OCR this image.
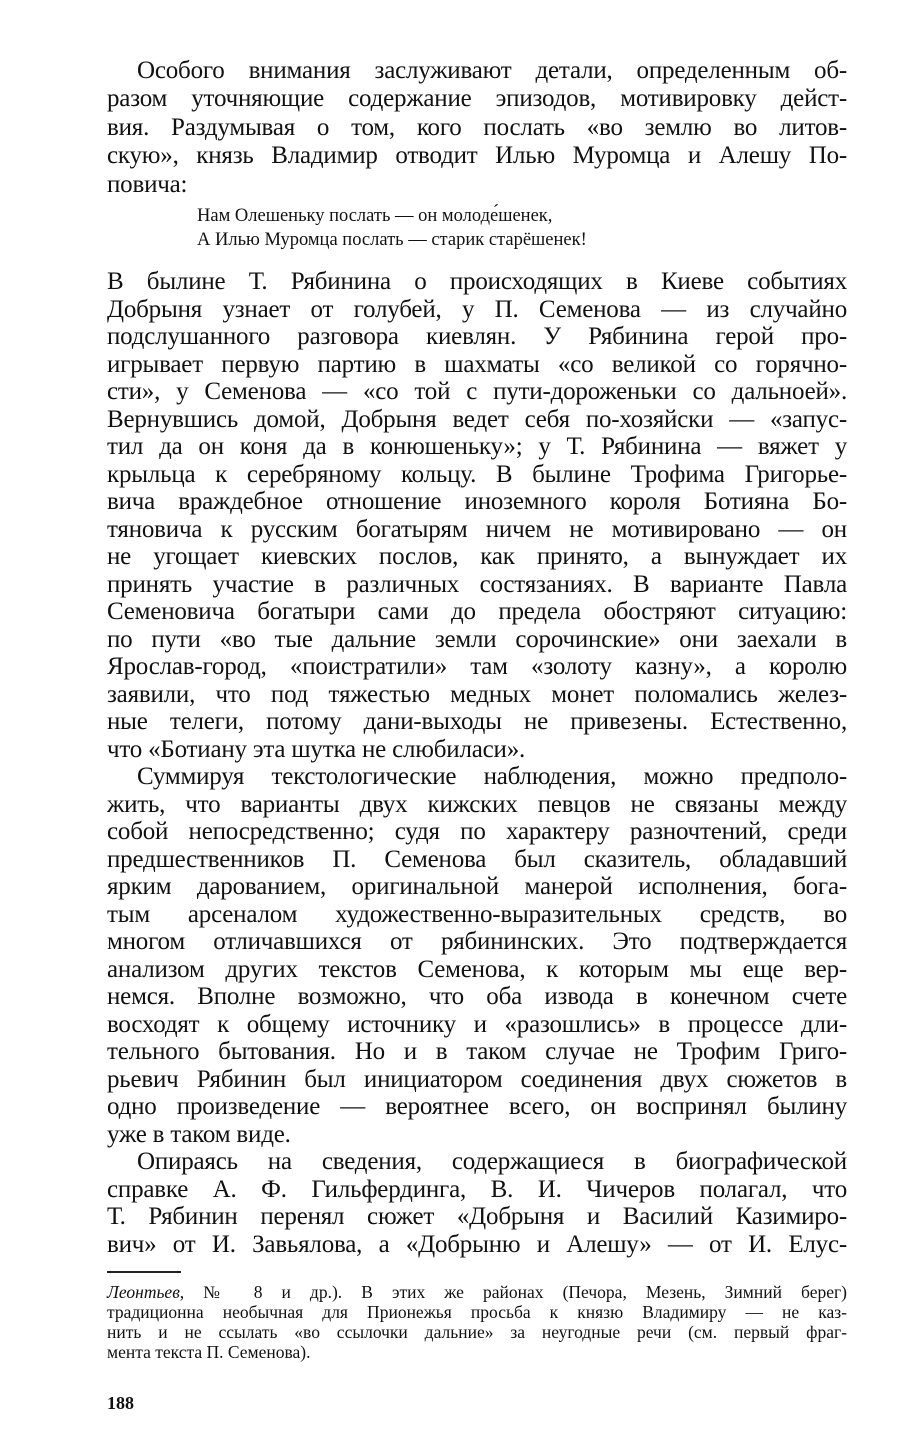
Особого внимания заслуживают детали, определенным об-
разом уточняющие содержание эпизодов, мотивировку дейст-
вия. Раздумывая о том, кого послать «во землю во литов-
скую», князь Владимир отводит Илью Муромца и Алешу По-
повича:
Нам Олешеньку послать — он молоде́шенек,
А Илью Муромца послать — старик старёшенек!
В былине Т. Рябинина о происходящих в Киеве событиях
Добрыня узнает от голубей, у П. Семенова — из случайно
подслушанного разговора киевлян. У Рябинина герой про-
игрывает первую партию в шахматы «со великой со горячно-
сти», у Семенова — «со той с пути-дороженьки со дальноей».
Вернувшись домой, Добрыня ведет себя по-хозяйски — «запус-
тил да он коня да в конюшеньку»; у Т. Рябинина — вяжет у
крыльца к серебряному кольцу. В былине Трофима Григорье-
вича враждебное отношение иноземного короля Ботияна Бо-
тяновича к русским богатырям ничем не мотивировано — он
не угощает киевских послов, как принято, а вынуждает их
принять участие в различных состязаниях. В варианте Павла
Семеновича богатыри сами до предела обостряют ситуацию:
по пути «во тые дальние земли сорочинские» они заехали в
Ярослав-город, «поистратили» там «золоту казну», а королю
заявили, что под тяжестью медных монет поломались желез-
ные телеги, потому дани-выходы не привезены. Естественно,
что «Ботиану эта шутка не слюбиласи».
Суммируя текстологические наблюдения, можно предполо-
жить, что варианты двух кижских певцов не связаны между
собой непосредственно; судя по характеру разночтений, среди
предшественников П. Семенова был сказитель, обладавший
ярким дарованием, оригинальной манерой исполнения, бога-
тым арсеналом художественно-выразительных средств, во
многом отличавшихся от рябининских. Это подтверждается
анализом других текстов Семенова, к которым мы еще вер-
немся. Вполне возможно, что оба извода в конечном счете
восходят к общему источнику и «разошлись» в процессе дли-
тельного бытования. Но и в таком случае не Трофим Григо-
рьевич Рябинин был инициатором соединения двух сюжетов в
одно произведение — вероятнее всего, он воспринял былину
уже в таком виде.
Опираясь на сведения, содержащиеся в биографической
справке А. Ф. Гильфердинга, В. И. Чичеров полагал, что
Т. Рябинин перенял сюжет «Добрыня и Василий Казимиро-
вич» от И. Завьялова, а «Добрыню и Алешу» — от И. Елус-
Леонтьев, № 8 и др.). В этих же районах (Печора, Мезень, Зимний берег)
традиционна необычная для Прионежья просьба к князю Владимиру — не каз-
нить и не ссылать «во ссылочки дальние» за неугодные речи (см. первый фраг-
мента текста П. Семенова).
188
